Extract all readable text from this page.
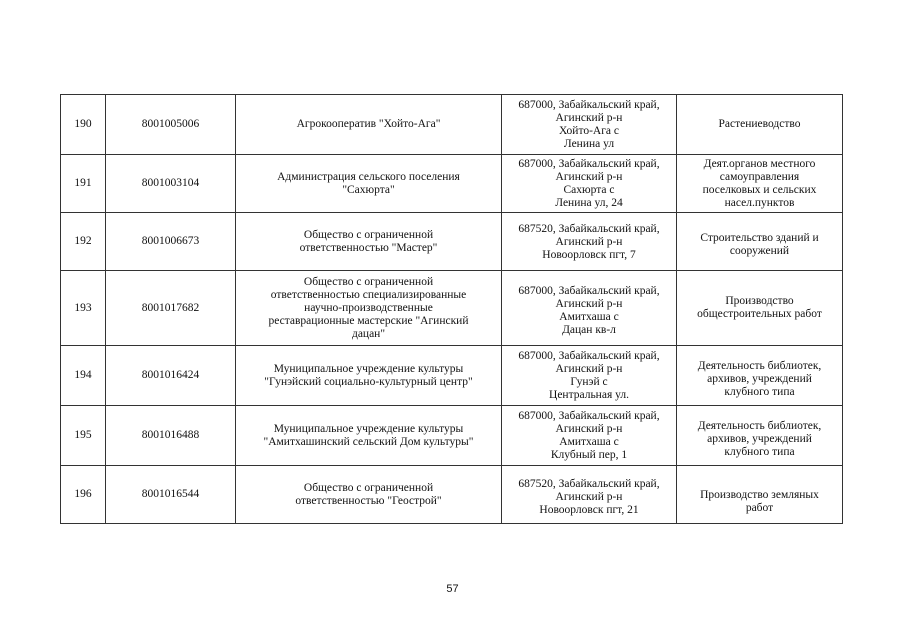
190	8001005006	Агрокооператив "Хойто-Ага"	687000, Забайкальский край,
Агинский р-н
Хойто-Ага с
Ленина ул	Растениеводство

191	8001003104	Администрация сельского поселения
"Сахюрта"	687000, Забайкальский край,
Агинский р-н
Сахюрта с
Ленина ул, 24	Деят.органов местного
самоуправления
поселковых и сельских
насел.пунктов

192	8001006673	Общество с ограниченной
ответственностью "Мастер"	687520, Забайкальский край,
Агинский р-н
Новоорловск пгт, 7	Строительство зданий и
сооружений

193	8001017682	Общество с ограниченной
ответственностью специализированные
научно-производственные
реставрационные мастерские "Агинский
дацан"	687000, Забайкальский край,
Агинский р-н
Амитхаша с
Дацан кв-л	Производство
общестроительных работ

194	8001016424	Муниципальное учреждение культуры
"Гунэйский социально-культурный центр"	687000, Забайкальский край,
Агинский р-н
Гунэй с
Центральная ул.	Деятельность библиотек,
архивов, учреждений
клубного типа

195	8001016488	Муниципальное учреждение культуры
"Амитхашинский сельский Дом культуры"	687000, Забайкальский край,
Агинский р-н
Амитхаша с
Клубный пер, 1	Деятельность библиотек,
архивов, учреждений
клубного типа

196	8001016544	Общество с ограниченной
ответственностью "Геострой"	687520, Забайкальский край,
Агинский р-н
Новоорловск пгт, 21	Производство земляных
работ
57
